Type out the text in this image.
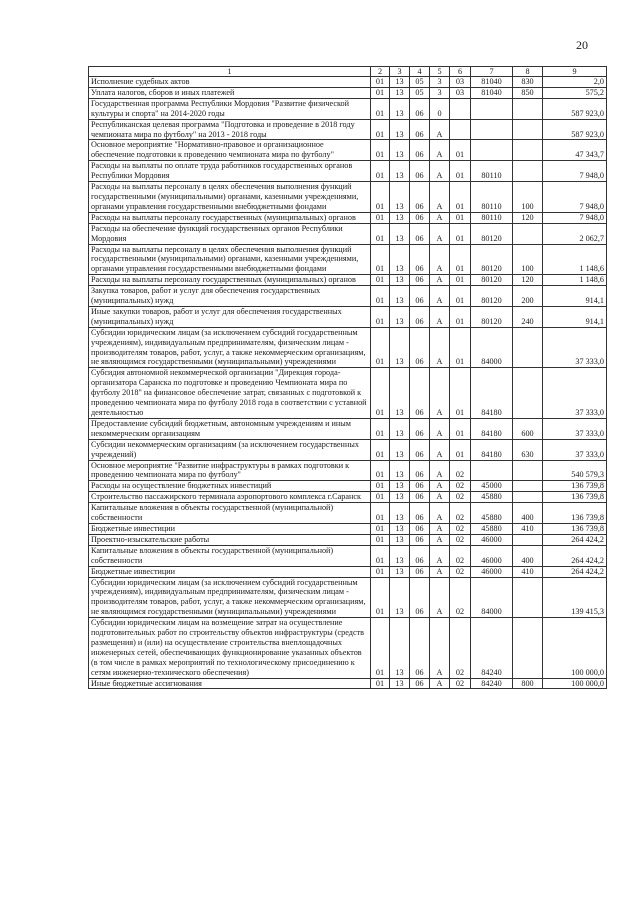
20
1	2	3	4	5	6	7	8	9
Исполнение судебных актов	01	13	05	3	03	81040	830	2,0
Уплата налогов, сборов и иных платежей	01	13	05	3	03	81040	850	575,2
Государственная программа Республики Мордовия "Развитие физической культуры и спорта" на 2014-2020 годы	01	13	06	0				587 923,0
Республиканская целевая программа "Подготовка и проведение в 2018 году чемпионата мира по футболу" на 2013 - 2018 годы	01	13	06	А				587 923,0
Основное мероприятие "Нормативно-правовое и организационное обеспечение подготовки к проведению чемпионата мира по футболу"	01	13	06	А	01			47 343,7
Расходы на выплаты по оплате труда работников государственных органов Республики Мордовия	01	13	06	А	01	80110		7 948,0
Расходы на выплаты персоналу в целях обеспечения выполнения функций государственными (муниципальными) органами, казенными учреждениями, органами управления государственными внебюджетными фондами	01	13	06	А	01	80110	100	7 948,0
Расходы на выплаты персоналу государственных (муниципальных) органов	01	13	06	А	01	80110	120	7 948,0
Расходы на обеспечение функций государственных органов Республики Мордовия	01	13	06	А	01	80120		2 062,7
Расходы на выплаты персоналу в целях обеспечения выполнения функций государственными (муниципальными) органами, казенными учреждениями, органами управления государственными внебюджетными фондами	01	13	06	А	01	80120	100	1 148,6
Расходы на выплаты персоналу государственных (муниципальных) органов	01	13	06	А	01	80120	120	1 148,6
Закупка товаров, работ и услуг для обеспечения государственных (муниципальных) нужд	01	13	06	А	01	80120	200	914,1
Иные закупки товаров, работ и услуг для обеспечения государственных (муниципальных) нужд	01	13	06	А	01	80120	240	914,1
Субсидии юридическим лицам (за исключением субсидий государственным учреждениям), индивидуальным предпринимателям, физическим лицам - производителям товаров, работ, услуг, а также некоммерческим организациям, не являющимся государственными (муниципальными) учреждениями	01	13	06	А	01	84000		37 333,0
Субсидия автономной некоммерческой организации "Дирекция города-организатора Саранска по подготовке и проведению Чемпионата мира по футболу 2018" на финансовое обеспечение затрат, связанных с подготовкой к проведению чемпионата мира по футболу 2018 года в соответствии с уставной деятельностью	01	13	06	А	01	84180		37 333,0
Предоставление субсидий бюджетным, автономным учреждениям и иным некоммерческим организациям	01	13	06	А	01	84180	600	37 333,0
Субсидии некоммерческим организациям (за исключением государственных учреждений)	01	13	06	А	01	84180	630	37 333,0
Основное мероприятие "Развитие инфраструктуры в рамках подготовки к проведению чемпионата мира по футболу"	01	13	06	А	02			540 579,3
Расходы на осуществление бюджетных инвестиций	01	13	06	А	02	45000		136 739,8
Строительство пассажирского терминала аэропортового комплекса г.Саранск	01	13	06	А	02	45880		136 739,8
Капитальные вложения в объекты государственной (муниципальной) собственности	01	13	06	А	02	45880	400	136 739,8
Бюджетные инвестиции	01	13	06	А	02	45880	410	136 739,8
Проектно-изыскательские работы	01	13	06	А	02	46000		264 424,2
Капитальные вложения в объекты государственной (муниципальной) собственности	01	13	06	А	02	46000	400	264 424,2
Бюджетные инвестиции	01	13	06	А	02	46000	410	264 424,2
Субсидии юридическим лицам (за исключением субсидий государственным учреждениям), индивидуальным предпринимателям, физическим лицам - производителям товаров, работ, услуг, а также некоммерческим организациям, не являющимся государственными (муниципальными) учреждениями	01	13	06	А	02	84000		139 415,3
Субсидии юридическим лицам на возмещение затрат на осуществление подготовительных работ по строительству объектов инфраструктуры (средств размещения) и (или) на осуществление строительства внеплощадочных инженерных сетей, обеспечивающих функционирование указанных объектов (в том числе в рамках мероприятий по технологическому присоединению к сетям инженерно-технического обеспечения)	01	13	06	А	02	84240		100 000,0
Иные бюджетные ассигнования	01	13	06	А	02	84240	800	100 000,0
